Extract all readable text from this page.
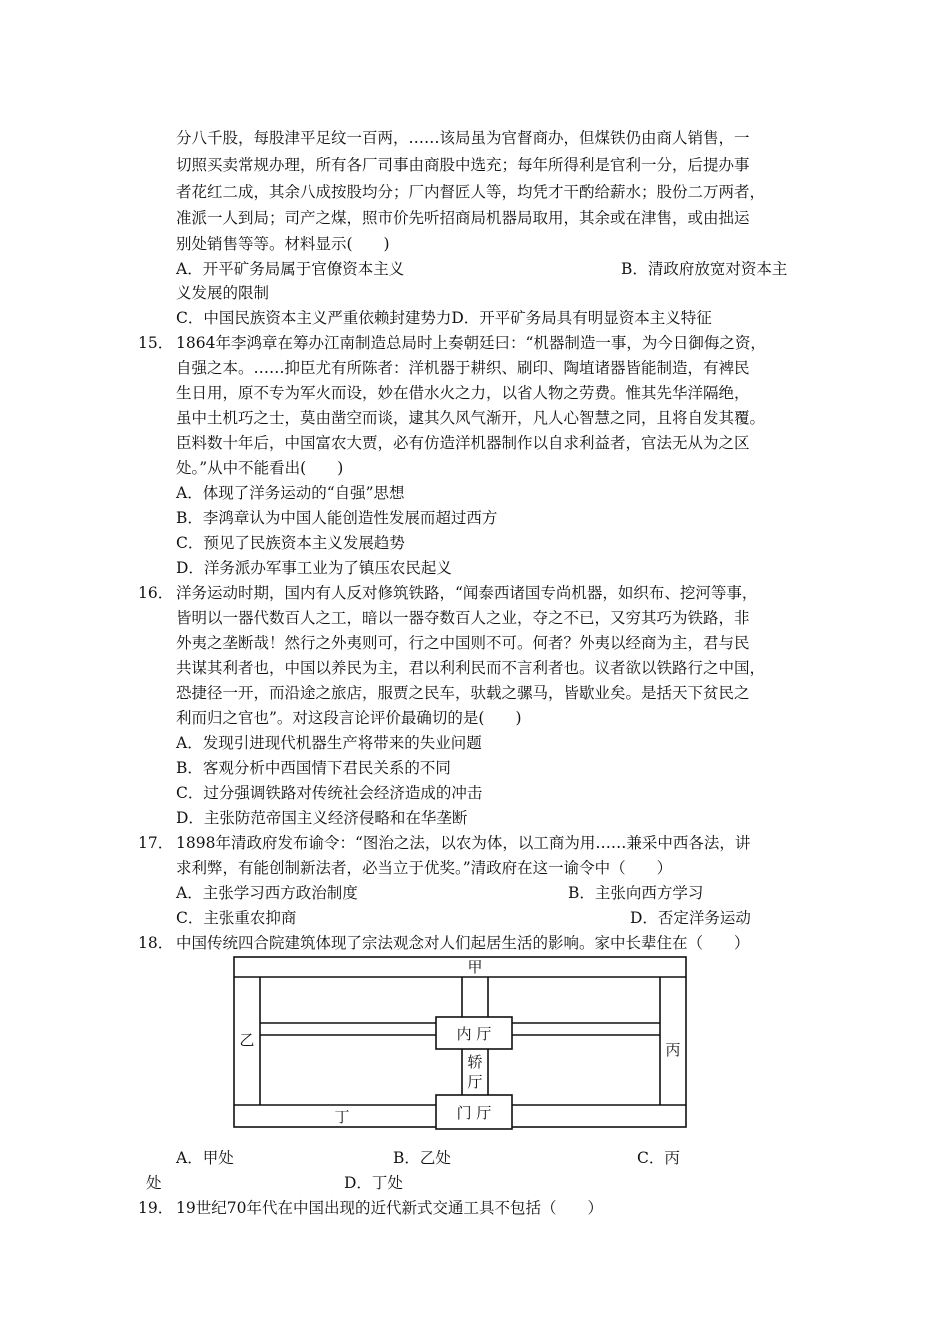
分八千股，每股津平足纹一百两，……该局虽为官督商办，但煤铁仍由商人销售，一
切照买卖常规办理，所有各厂司事由商股中选充；每年所得利是官利一分，后提办事
者花红二成，其余八成按股均分；厂内督匠人等，均凭才干酌给薪水；股份二万两者，
准派一人到局；司产之煤，照市价先听招商局机器局取用，其余或在津售，或由拙运
别处销售等等。材料显示(　　)
A．开平矿务局属于官僚资本主义	B．清政府放宽对资本主
义发展的限制
C．中国民族资本主义严重依赖封建势力D．开平矿务局具有明显资本主义特征
15． 1864年李鸿章在筹办江南制造总局时上奏朝廷曰：“机器制造一事，为今日御侮之资，
自强之本。……抑臣尤有所陈者：洋机器于耕织、刷印、陶埴诸器皆能制造，有裨民
生日用，原不专为军火而设，妙在借水火之力，以省人物之劳费。惟其先华洋隔绝，
虽中土机巧之士，莫由凿空而谈，逮其久风气渐开，凡人心智慧之同，且将自发其覆。
臣料数十年后，中国富农大贾，必有仿造洋机器制作以自求利益者，官法无从为之区
处。”从中不能看出(　　)
A．体现了洋务运动的“自强”思想
B．李鸿章认为中国人能创造性发展而超过西方
C．预见了民族资本主义发展趋势
D．洋务派办军事工业为了镇压农民起义
16． 洋务运动时期，国内有人反对修筑铁路，“闻泰西诸国专尚机器，如织布、挖河等事，
皆明以一器代数百人之工，暗以一器夺数百人之业，夺之不已，又穷其巧为铁路，非
外夷之垄断哉！然行之外夷则可，行之中国则不可。何者？外夷以经商为主，君与民
共谋其利者也，中国以养民为主，君以利利民而不言利者也。议者欲以铁路行之中国，
恐捷径一开，而沿途之旅店，服贾之民车，驮载之骡马，皆歇业矣。是括天下贫民之
利而归之官也”。对这段言论评价最确切的是(　　)
A．发现引进现代机器生产将带来的失业问题
B．客观分析中西国情下君民关系的不同
C．过分强调铁路对传统社会经济造成的冲击
D．主张防范帝国主义经济侵略和在华垄断
17． 1898年清政府发布谕令：“图治之法，以农为体，以工商为用……兼采中西各法，讲
求利弊，有能创制新法者，必当立于优奖。”清政府在这一谕令中（　　）
A．主张学习西方政治制度	B．主张向西方学习
C．主张重农抑商	D．否定洋务运动
18． 中国传统四合院建筑体现了宗法观念对人们起居生活的影响。家中长辈住在（　　）
甲
乙
丙
丁
内 厅
轿
厅
门 厅
A．甲处	B．乙处	C．丙
处	D．丁处
19． 19世纪70年代在中国出现的近代新式交通工具不包括（　　）
